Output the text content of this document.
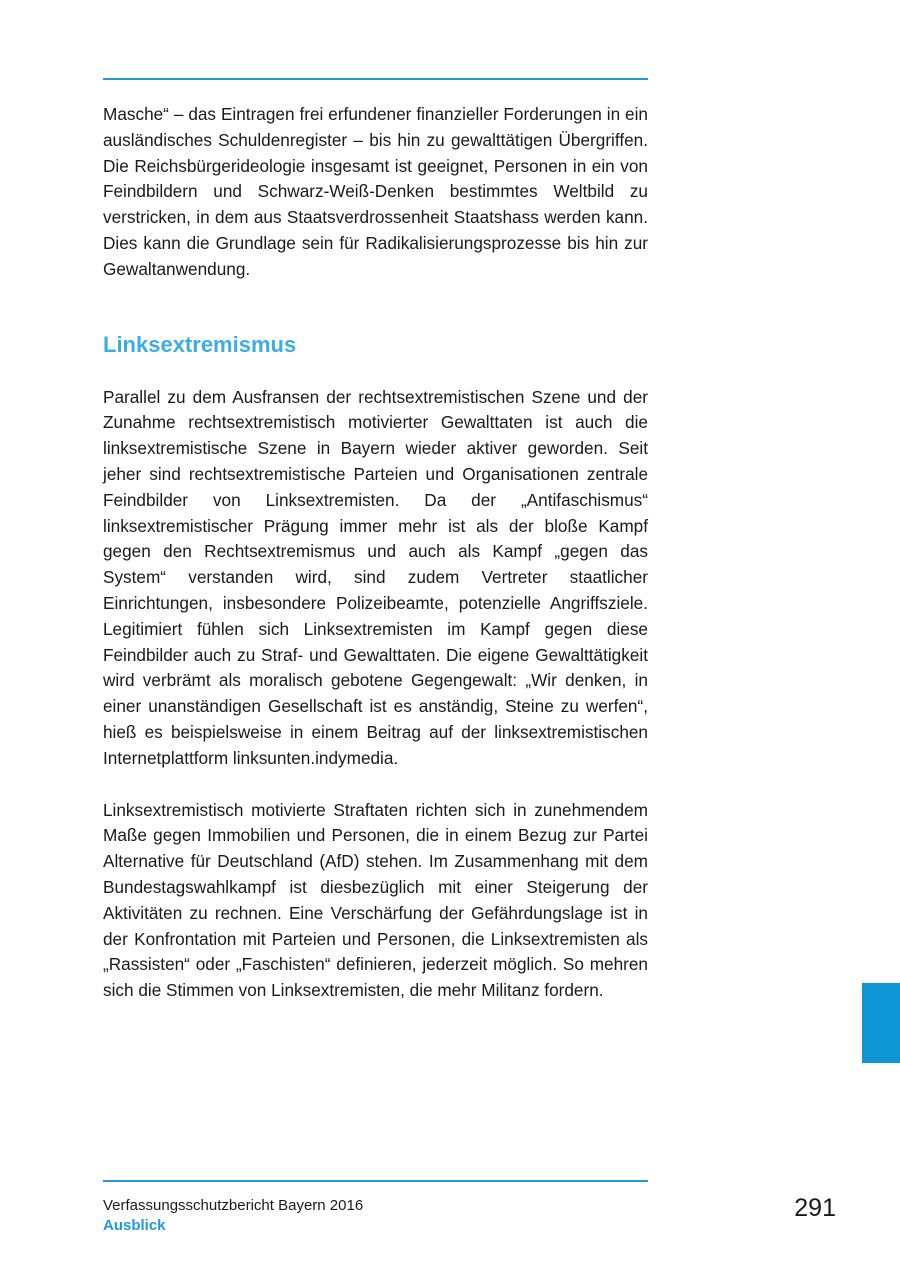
Masche“ – das Eintragen frei erfundener finanzieller Forderungen in ein ausländisches Schuldenregister – bis hin zu gewalttätigen Übergriffen. Die Reichsbürgerideologie insgesamt ist geeignet, Personen in ein von Feindbildern und Schwarz-Weiß-Denken bestimmtes Weltbild zu verstricken, in dem aus Staatsverdrossenheit Staatshass werden kann. Dies kann die Grundlage sein für Radikalisierungsprozesse bis hin zur Gewaltanwendung.

Linksextremismus

Parallel zu dem Ausfransen der rechtsextremistischen Szene und der Zunahme rechtsextremistisch motivierter Gewalttaten ist auch die linksextremistische Szene in Bayern wieder aktiver geworden. Seit jeher sind rechtsextremistische Parteien und Organisationen zentrale Feindbilder von Linksextremisten. Da der „Antifaschismus“ linksextremistischer Prägung immer mehr ist als der bloße Kampf gegen den Rechtsextremismus und auch als Kampf „gegen das System“ verstanden wird, sind zudem Vertreter staatlicher Einrichtungen, insbesondere Polizeibeamte, potenzielle Angriffsziele. Legitimiert fühlen sich Linksextremisten im Kampf gegen diese Feindbilder auch zu Straf- und Gewalttaten. Die eigene Gewalttätigkeit wird verbrämt als moralisch gebotene Gegengewalt: „Wir denken, in einer unanständigen Gesellschaft ist es anständig, Steine zu werfen“, hieß es beispielsweise in einem Beitrag auf der linksextremistischen Internetplattform linksunten.indymedia.

Linksextremistisch motivierte Straftaten richten sich in zunehmendem Maße gegen Immobilien und Personen, die in einem Bezug zur Partei Alternative für Deutschland (AfD) stehen. Im Zusammenhang mit dem Bundestagswahlkampf ist diesbezüglich mit einer Steigerung der Aktivitäten zu rechnen. Eine Verschärfung der Gefährdungslage ist in der Konfrontation mit Parteien und Personen, die Linksextremisten als „Rassisten“ oder „Faschisten“ definieren, jederzeit möglich. So mehren sich die Stimmen von Linksextremisten, die mehr Militanz fordern.

Verfassungsschutzbericht Bayern 2016
Ausblick
291
